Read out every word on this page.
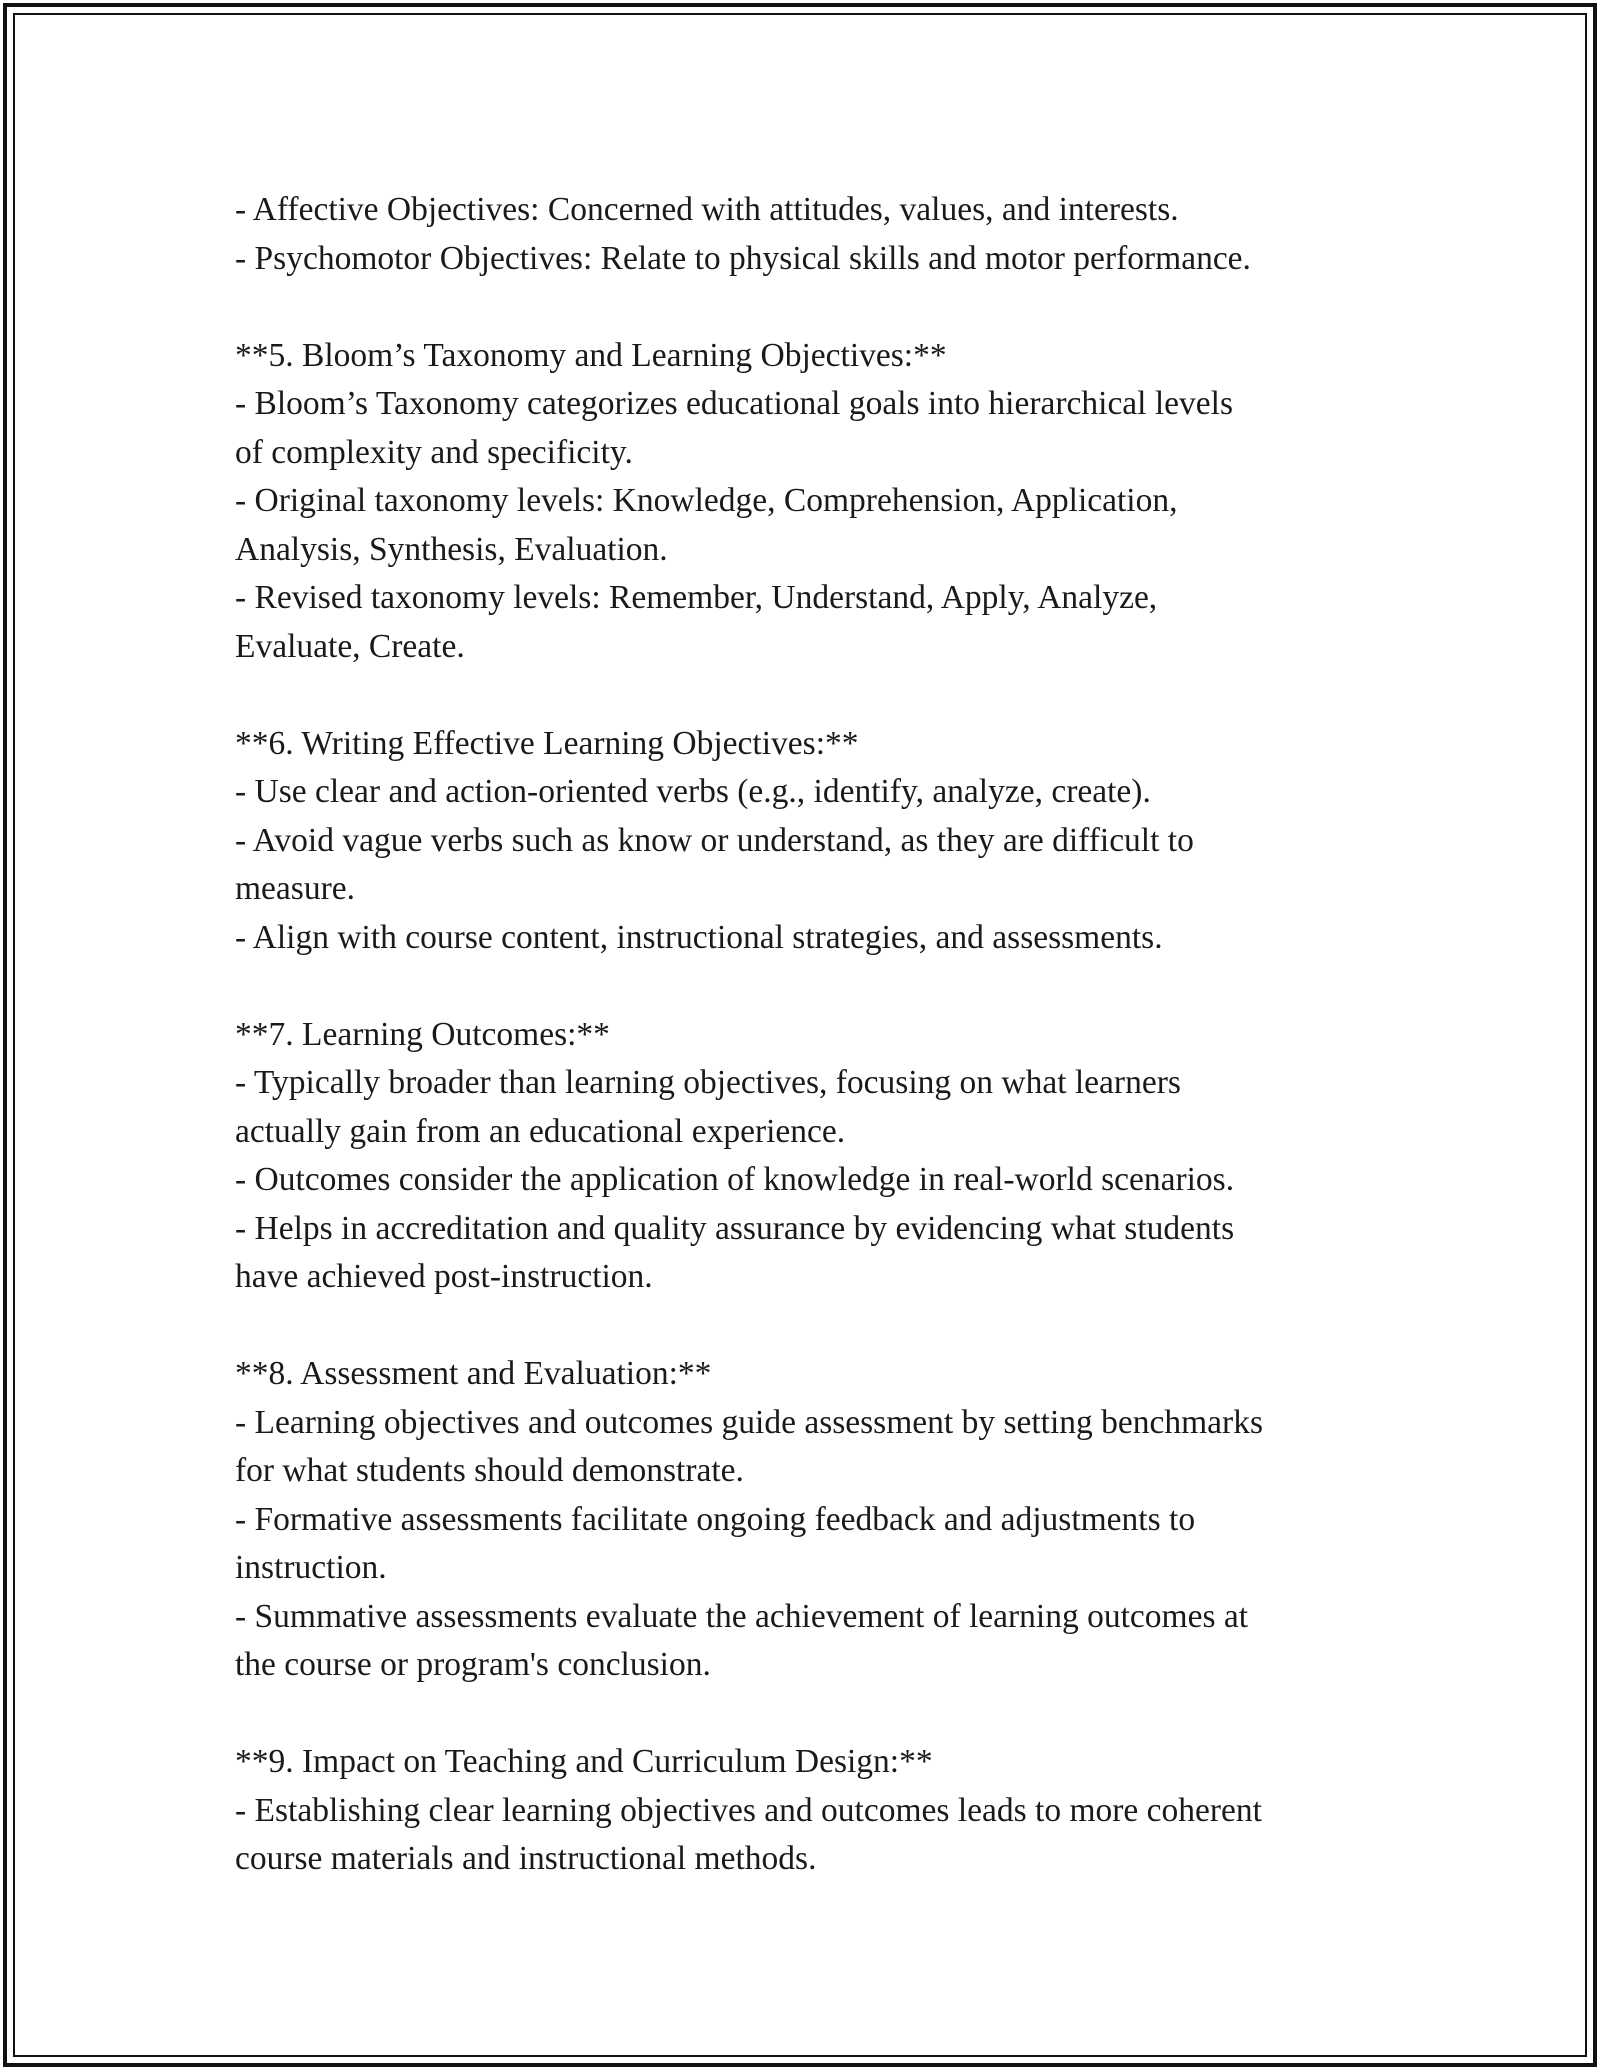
- Affective Objectives: Concerned with attitudes, values, and interests.
- Psychomotor Objectives: Relate to physical skills and motor performance.
**5. Bloom’s Taxonomy and Learning Objectives:**
- Bloom’s Taxonomy categorizes educational goals into hierarchical levels
of complexity and specificity.
- Original taxonomy levels: Knowledge, Comprehension, Application,
Analysis, Synthesis, Evaluation.
- Revised taxonomy levels: Remember, Understand, Apply, Analyze,
Evaluate, Create.
**6. Writing Effective Learning Objectives:**
- Use clear and action-oriented verbs (e.g., identify, analyze, create).
- Avoid vague verbs such as know or understand, as they are difficult to
measure.
- Align with course content, instructional strategies, and assessments.
**7. Learning Outcomes:**
- Typically broader than learning objectives, focusing on what learners
actually gain from an educational experience.
- Outcomes consider the application of knowledge in real-world scenarios.
- Helps in accreditation and quality assurance by evidencing what students
have achieved post-instruction.
**8. Assessment and Evaluation:**
- Learning objectives and outcomes guide assessment by setting benchmarks
for what students should demonstrate.
- Formative assessments facilitate ongoing feedback and adjustments to
instruction.
- Summative assessments evaluate the achievement of learning outcomes at
the course or program's conclusion.
**9. Impact on Teaching and Curriculum Design:**
- Establishing clear learning objectives and outcomes leads to more coherent
course materials and instructional methods.
